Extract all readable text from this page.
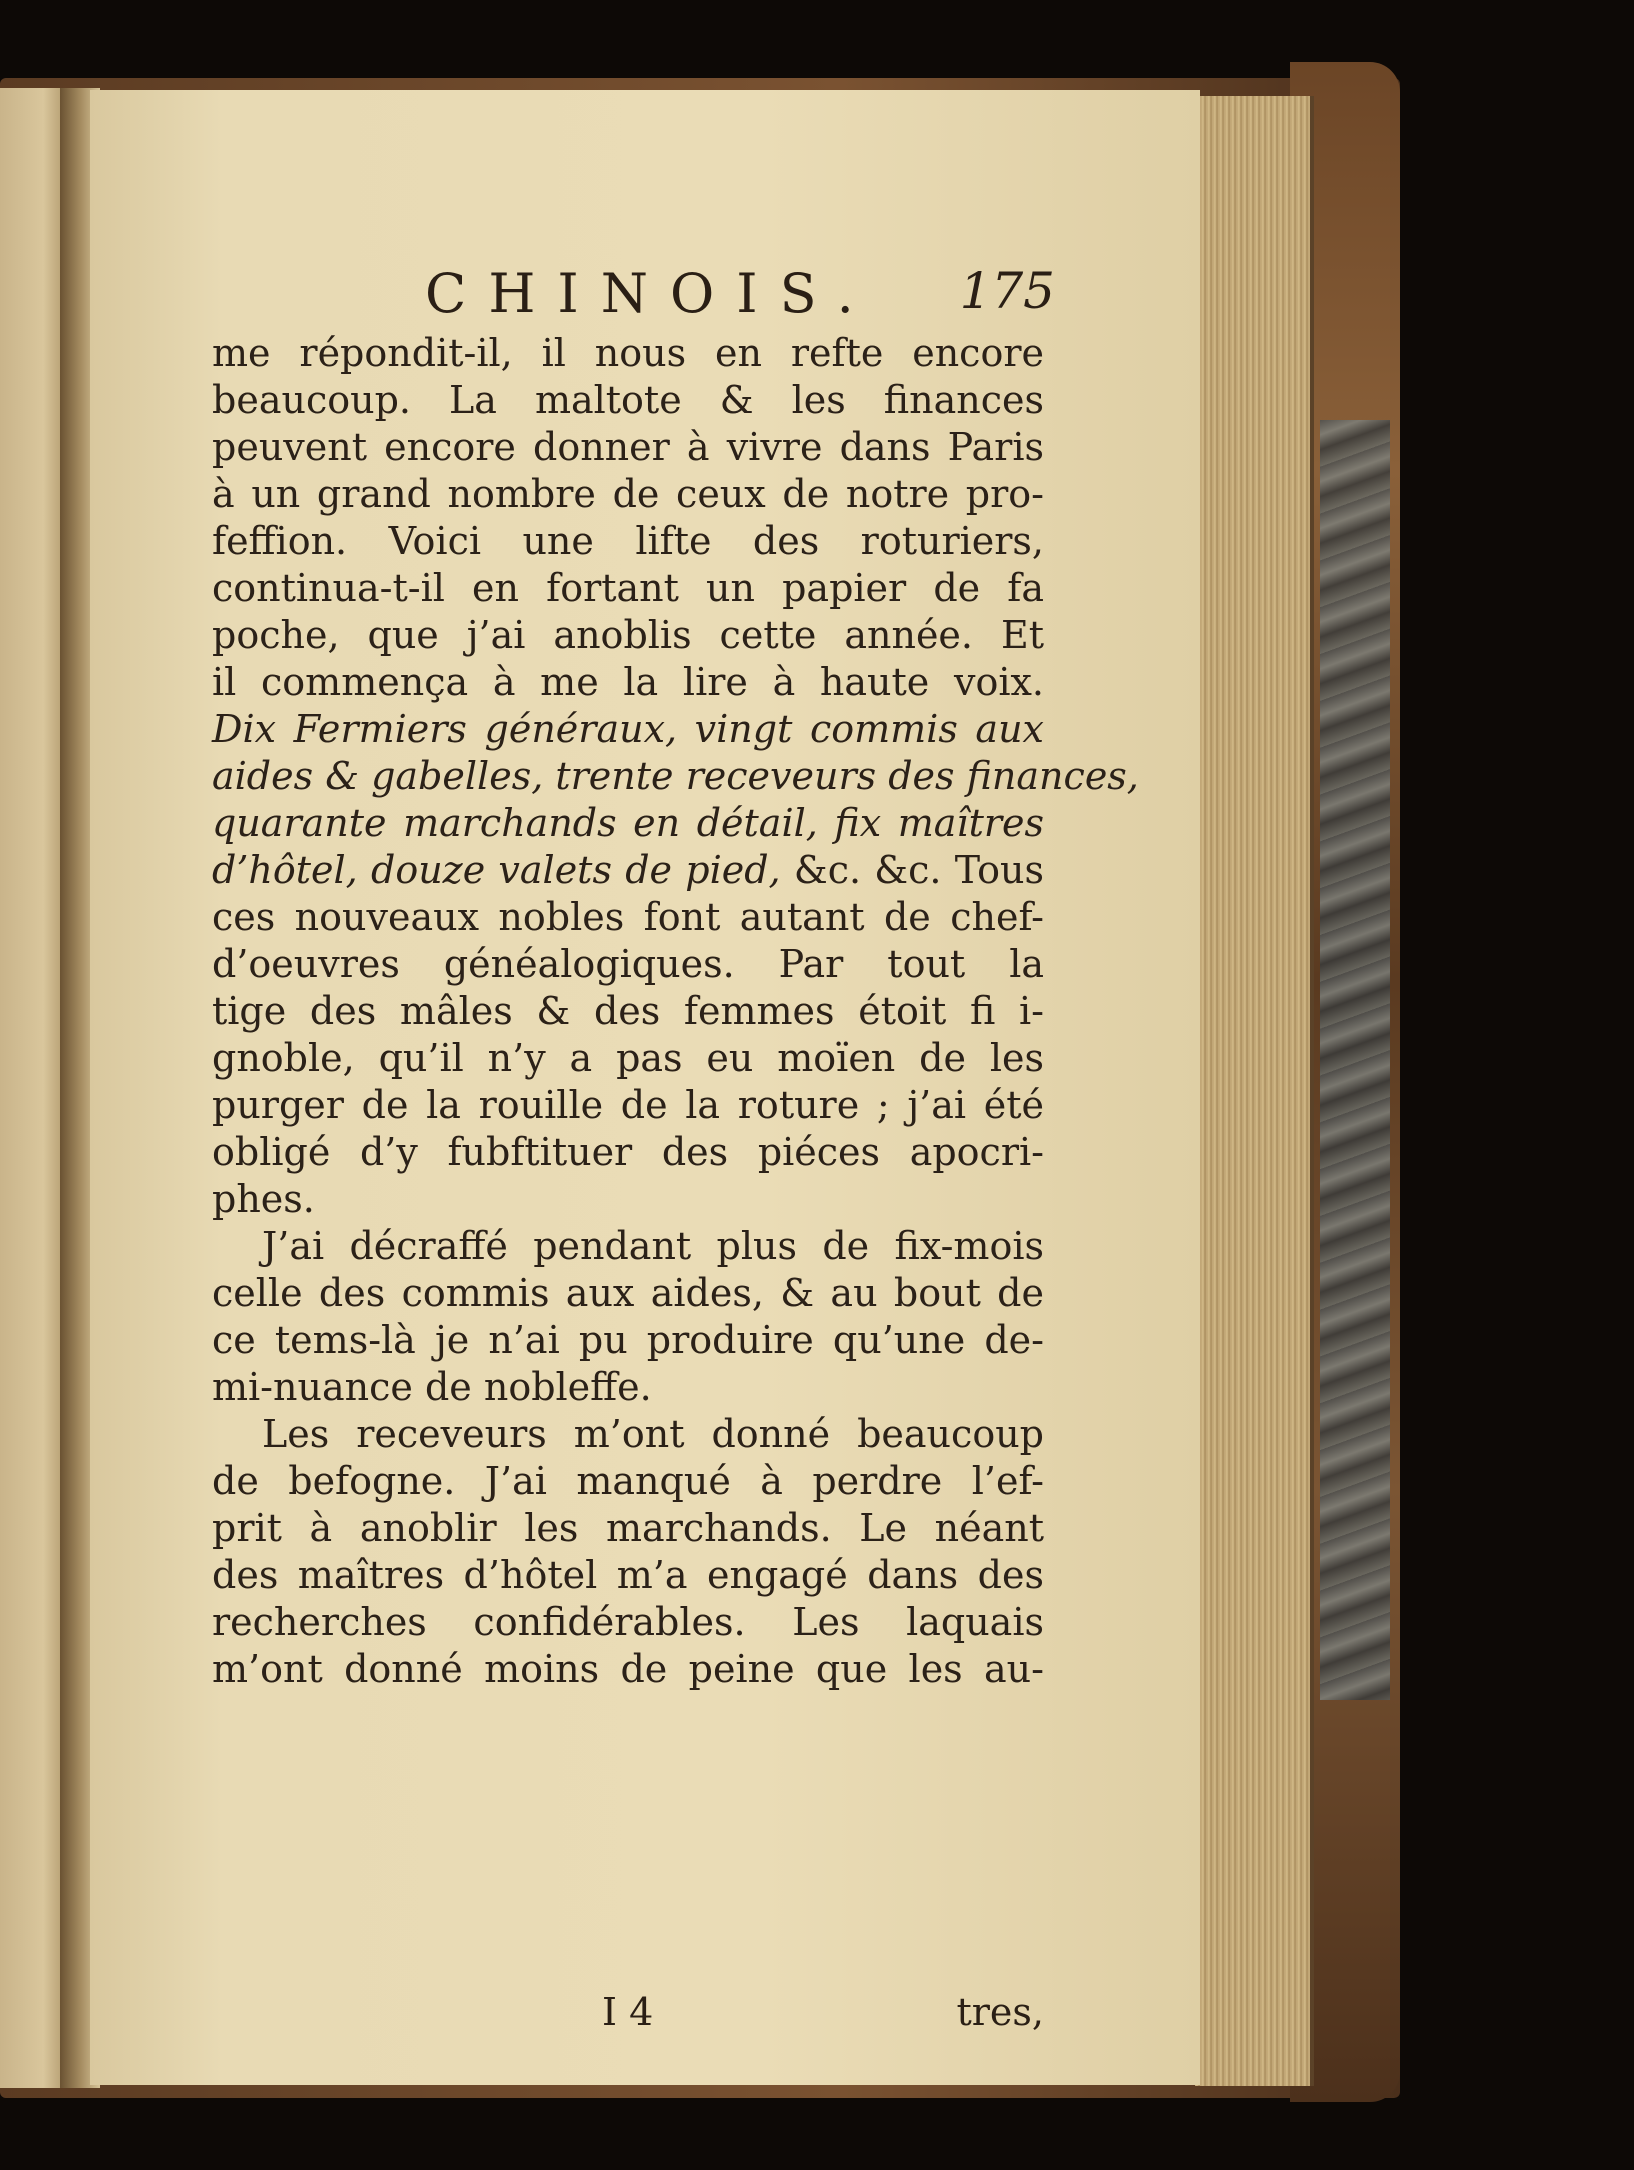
CHINOIS. 175
me répondit-il, il nous en refte encore
beaucoup. La maltote & les finances
peuvent encore donner à vivre dans Paris
à un grand nombre de ceux de notre pro-
feffion. Voici une lifte des roturiers,
continua-t-il en fortant un papier de fa
poche, que j’ai anoblis cette année. Et
il commença à me la lire à haute voix.
Dix Fermiers généraux, vingt commis aux
aides & gabelles, trente receveurs des finances,
quarante marchands en détail, fix maîtres
d’hôtel, douze valets de pied, &c. &c. Tous
ces nouveaux nobles font autant de chef-
d’oeuvres généalogiques. Par tout la
tige des mâles & des femmes étoit fi i-
gnoble, qu’il n’y a pas eu moïen de les
purger de la rouille de la roture ; j’ai été
obligé d’y fubftituer des piéces apocri-
phes.
J’ai décraffé pendant plus de fix-mois
celle des commis aux aides, & au bout de
ce tems-là je n’ai pu produire qu’une de-
mi-nuance de nobleffe.
Les receveurs m’ont donné beaucoup
de befogne. J’ai manqué à perdre l’ef-
prit à anoblir les marchands. Le néant
des maîtres d’hôtel m’a engagé dans des
recherches confidérables. Les laquais
m’ont donné moins de peine que les au-
I 4	tres,
